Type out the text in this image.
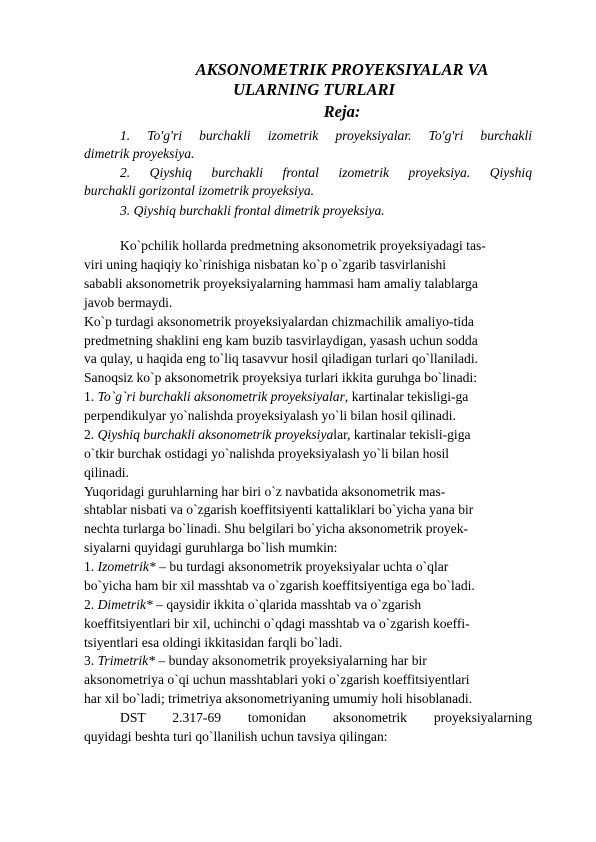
AKSONOMETRIK PROYEKSIYALAR VA
ULARNING TURLARI
Reja:
1. To'g'ri burchakli izometrik proyeksiyalar. To'g'ri burchakli
dimetrik proyeksiya.
2. Qiyshiq burchakli frontal izometrik proyeksiya. Qiyshiq
burchakli gorizontal izometrik proyeksiya.
3. Qiyshiq burchakli frontal dimetrik proyeksiya.
Ko`pchilik hollarda predmetning aksonometrik proyeksiyadagi tas-
viri uning haqiqiy ko`rinishiga nisbatan ko`p o`zgarib tasvirlanishi
sababli aksonometrik proyeksiyalarning hammasi ham amaliy talablarga
javob bermaydi.
Ko`p turdagi aksonometrik proyeksiyalardan chizmachilik amaliyo-tida
predmetning shaklini eng kam buzib tasvirlaydigan, yasash uchun sodda
va qulay, u haqida eng to`liq tasavvur hosil qiladigan turlari qo`llaniladi.
Sanoqsiz ko`p aksonometrik proyeksiya turlari ikkita guruhga bo`linadi:
1. To`g`ri burchakli aksonometrik proyeksiyalar, kartinalar tekisligi-ga
perpendikulyar yo`nalishda proyeksiyalash yo`li bilan hosil qilinadi.
2. Qiyshiq burchakli aksonometrik proyeksiyalar, kartinalar tekisli-giga
o`tkir burchak ostidagi yo`nalishda proyeksiyalash yo`li bilan hosil
qilinadi.
Yuqoridagi guruhlarning har biri o`z navbatida aksonometrik mas-
shtablar nisbati va o`zgarish koeffitsiyenti kattaliklari bo`yicha yana bir
nechta turlarga bo`linadi. Shu belgilari bo`yicha aksonometrik proyek-
siyalarni quyidagi guruhlarga bo`lish mumkin:
1. Izometrik* – bu turdagi aksonometrik proyeksiyalar uchta o`qlar
bo`yicha ham bir xil masshtab va o`zgarish koeffitsiyentiga ega bo`ladi.
2. Dimetrik* – qaysidir ikkita o`qlarida masshtab va o`zgarish
koeffitsiyentlari bir xil, uchinchi o`qdagi masshtab va o`zgarish koeffi-
tsiyentlari esa oldingi ikkitasidan farqli bo`ladi.
3. Trimetrik* – bunday aksonometrik proyeksiyalarning har bir
aksonometriya o`qi uchun masshtablari yoki o`zgarish koeffitsiyentlari
har xil bo`ladi; trimetriya aksonometriyaning umumiy holi hisoblanadi.
DST 2.317-69 tomonidan aksonometrik proyeksiyalarning
quyidagi beshta turi qo`llanilish uchun tavsiya qilingan:
